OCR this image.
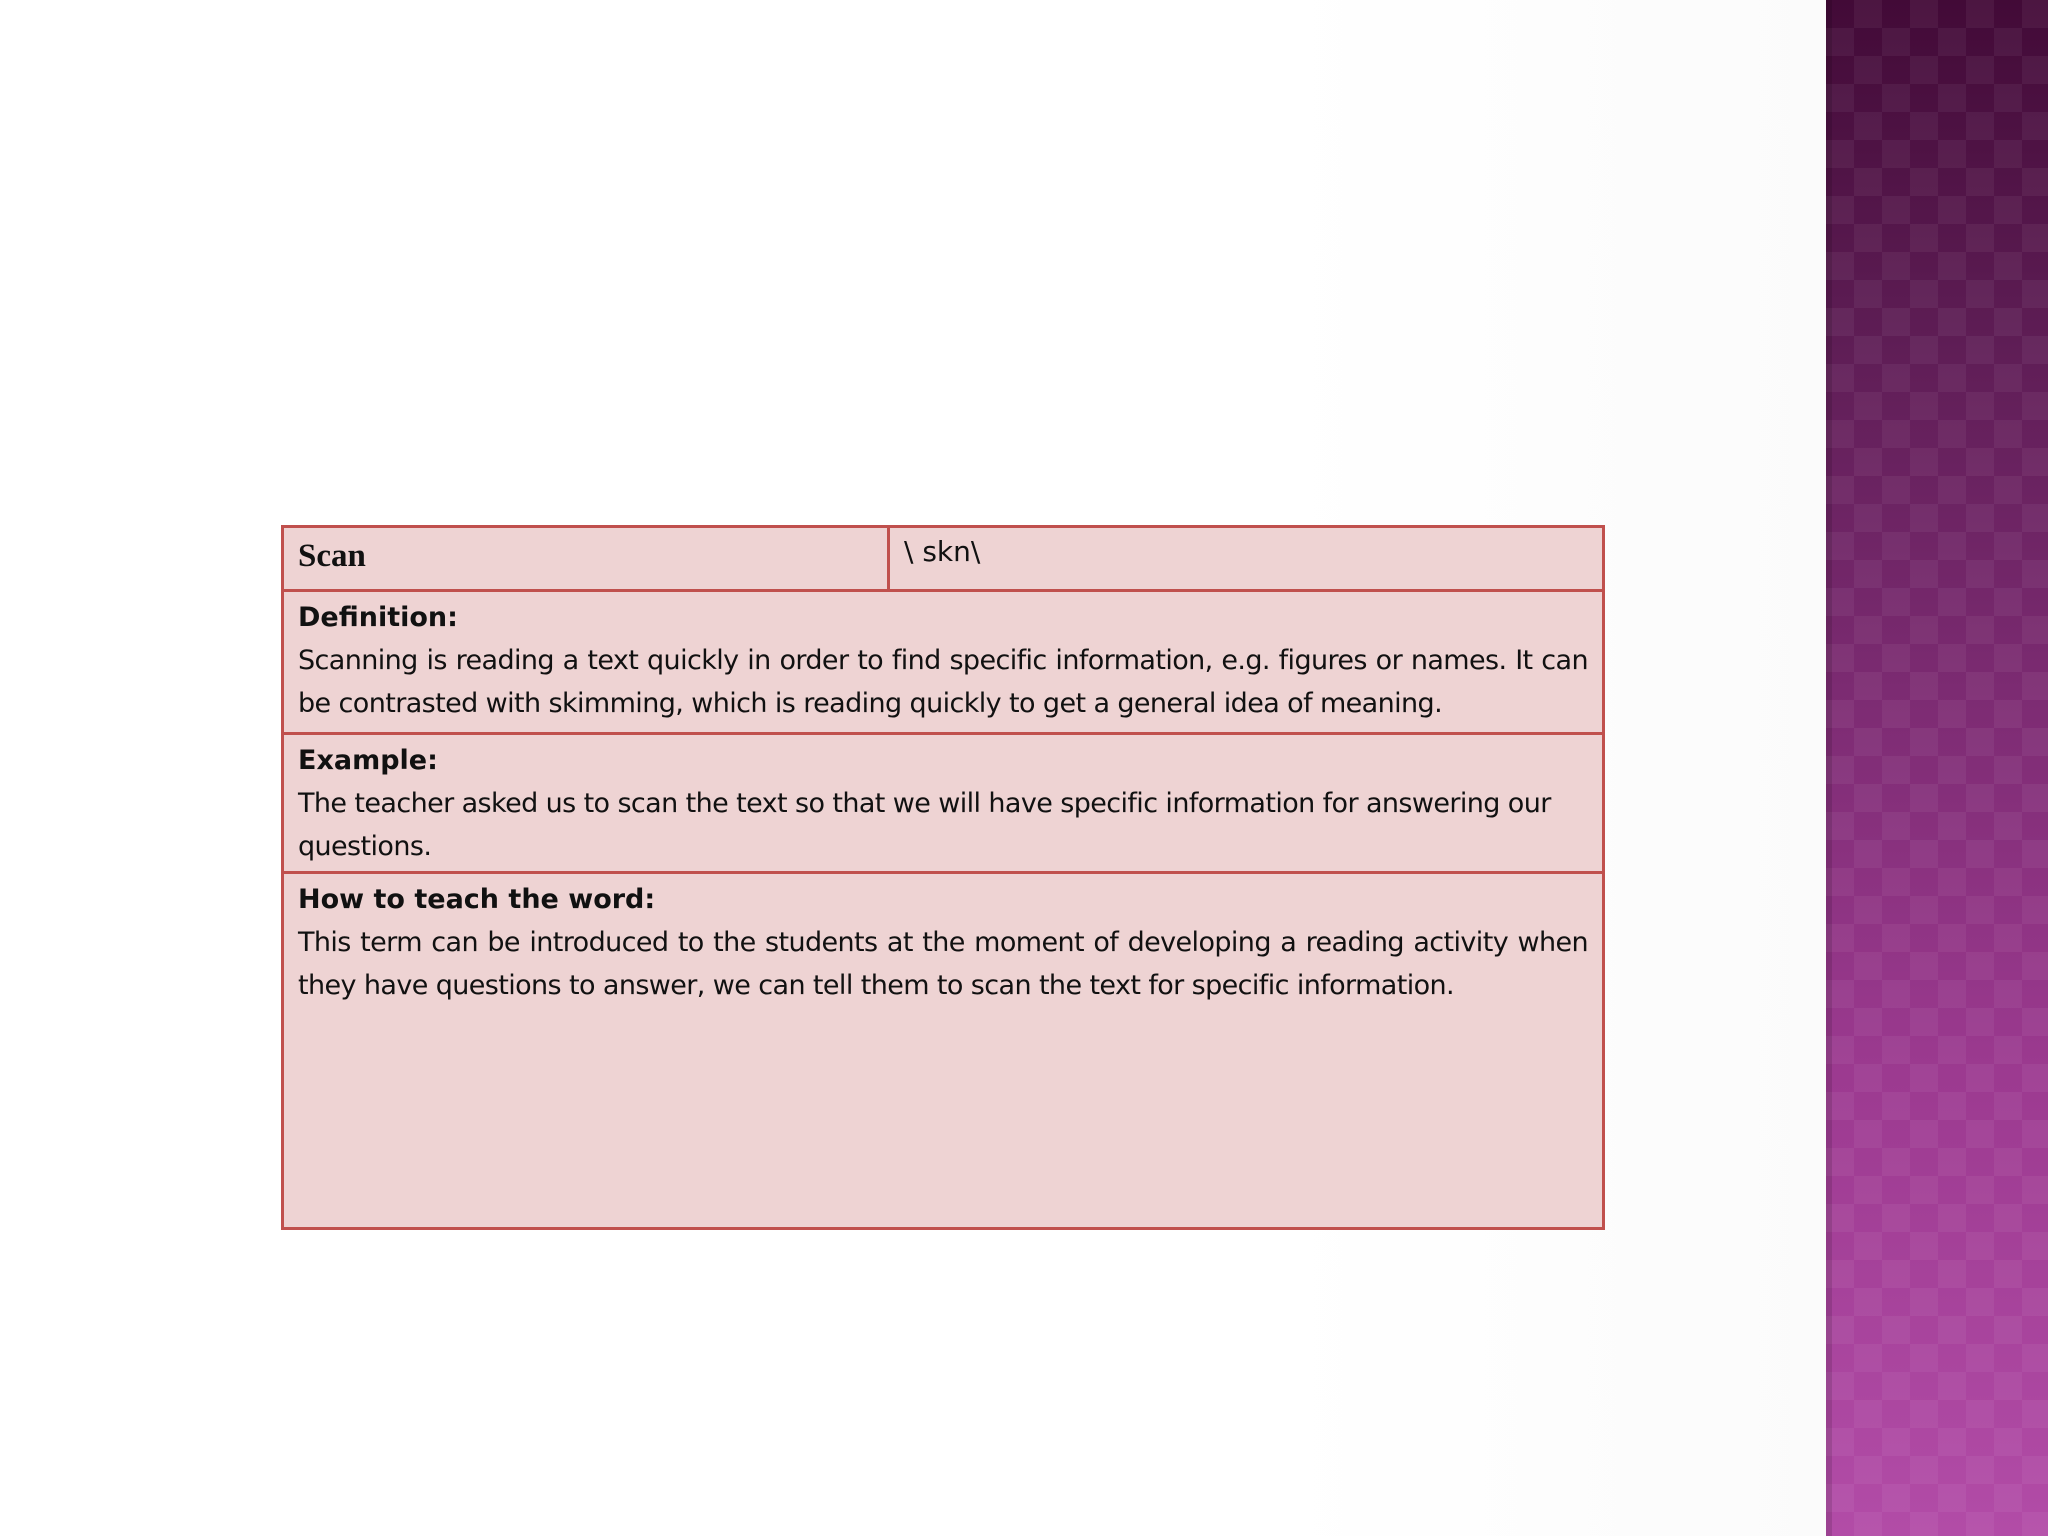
Scan	\ skn\
Definition:
Scanning is reading a text quickly in order to find specific information, e.g. figures or names. It can be contrasted with skimming, which is reading quickly to get a general idea of meaning.
Example:
The teacher asked us to scan the text so that we will have specific information for answering our questions.
How to teach the word:
This term can be introduced to the students at the moment of developing a reading activity when they have questions to answer, we can tell them to scan the text for specific information.
